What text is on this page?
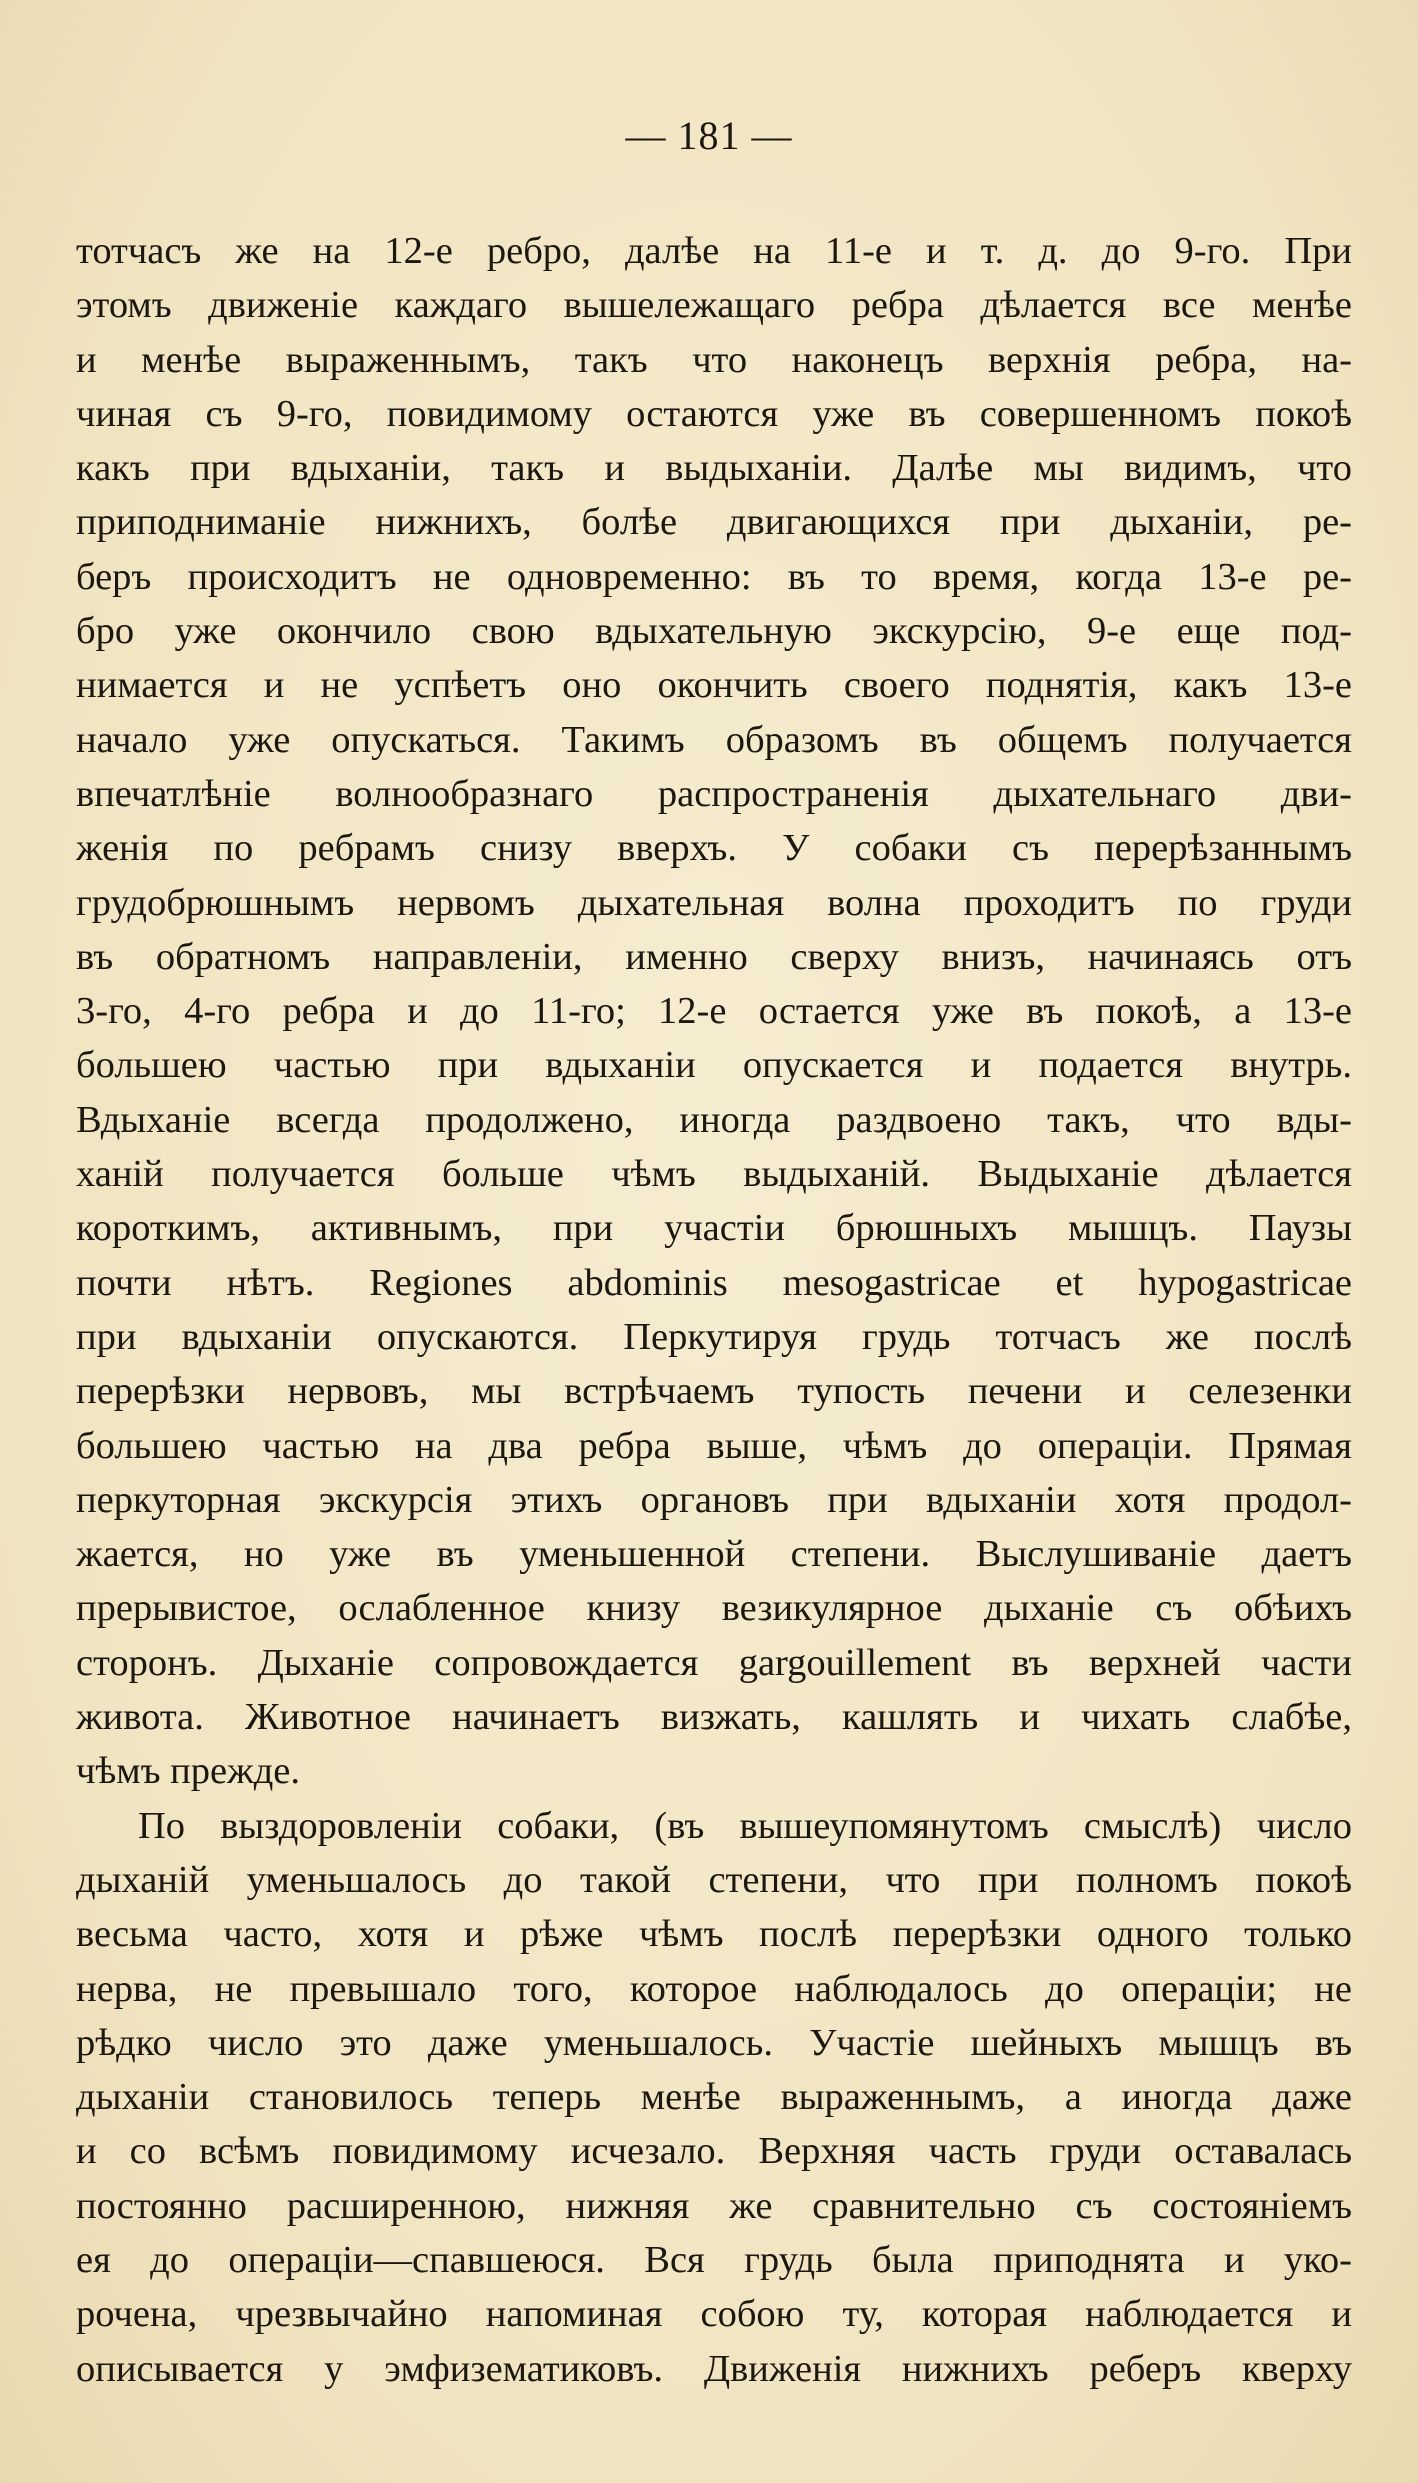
— 181 —
тотчасъ же на 12-е ребро, далѣе на 11-е и т. д. до 9-го. При
этомъ движеніе каждаго вышележащаго ребра дѣлается все менѣе
и менѣе выраженнымъ, такъ что наконецъ верхнія ребра, на-
чиная съ 9-го, повидимому остаются уже въ совершенномъ покоѣ
какъ при вдыханіи, такъ и выдыханіи. Далѣе мы видимъ, что
приподниманіе нижнихъ, болѣе двигающихся при дыханіи, ре-
беръ происходитъ не одновременно: въ то время, когда 13-е ре-
бро уже окончило свою вдыхательную экскурсію, 9-е еще под-
нимается и не успѣетъ оно окончить своего поднятія, какъ 13-е
начало уже опускаться. Такимъ образомъ въ общемъ получается
впечатлѣніе волнообразнаго распространенія дыхательнаго дви-
женія по ребрамъ снизу вверхъ. У собаки съ перерѣзаннымъ
грудобрюшнымъ нервомъ дыхательная волна проходитъ по груди
въ обратномъ направленіи, именно сверху внизъ, начинаясь отъ
3-го, 4-го ребра и до 11-го; 12-е остается уже въ покоѣ, а 13-е
большею частью при вдыханіи опускается и подается внутрь.
Вдыханіе всегда продолжено, иногда раздвоено такъ, что вды-
ханій получается больше чѣмъ выдыханій. Выдыханіе дѣлается
короткимъ, активнымъ, при участіи брюшныхъ мышцъ. Паузы
почти нѣтъ. Regiones abdominis mesogastricae et hypogastricae
при вдыханіи опускаются. Перкутируя грудь тотчасъ же послѣ
перерѣзки нервовъ, мы встрѣчаемъ тупость печени и селезенки
большею частью на два ребра выше, чѣмъ до операціи. Прямая
перкуторная экскурсія этихъ органовъ при вдыханіи хотя продол-
жается, но уже въ уменьшенной степени. Выслушиваніе даетъ
прерывистое, ослабленное книзу везикулярное дыханіе съ обѣихъ
сторонъ. Дыханіе сопровождается gargouillement въ верхней части
живота. Животное начинаетъ визжать, кашлять и чихать слабѣе,
чѣмъ прежде.
По выздоровленіи собаки, (въ вышеупомянутомъ смыслѣ) число
дыханій уменьшалось до такой степени, что при полномъ покоѣ
весьма часто, хотя и рѣже чѣмъ послѣ перерѣзки одного только
нерва, не превышало того, которое наблюдалось до операціи; не
рѣдко число это даже уменьшалось. Участіе шейныхъ мышцъ въ
дыханіи становилось теперь менѣе выраженнымъ, а иногда даже
и со всѣмъ повидимому исчезало. Верхняя часть груди оставалась
постоянно расширенною, нижняя же сравнительно съ состояніемъ
ея до операціи—спавшеюся. Вся грудь была приподнята и уко-
рочена, чрезвычайно напоминая собою ту, которая наблюдается и
описывается у эмфизематиковъ. Движенія нижнихъ реберъ кверху
